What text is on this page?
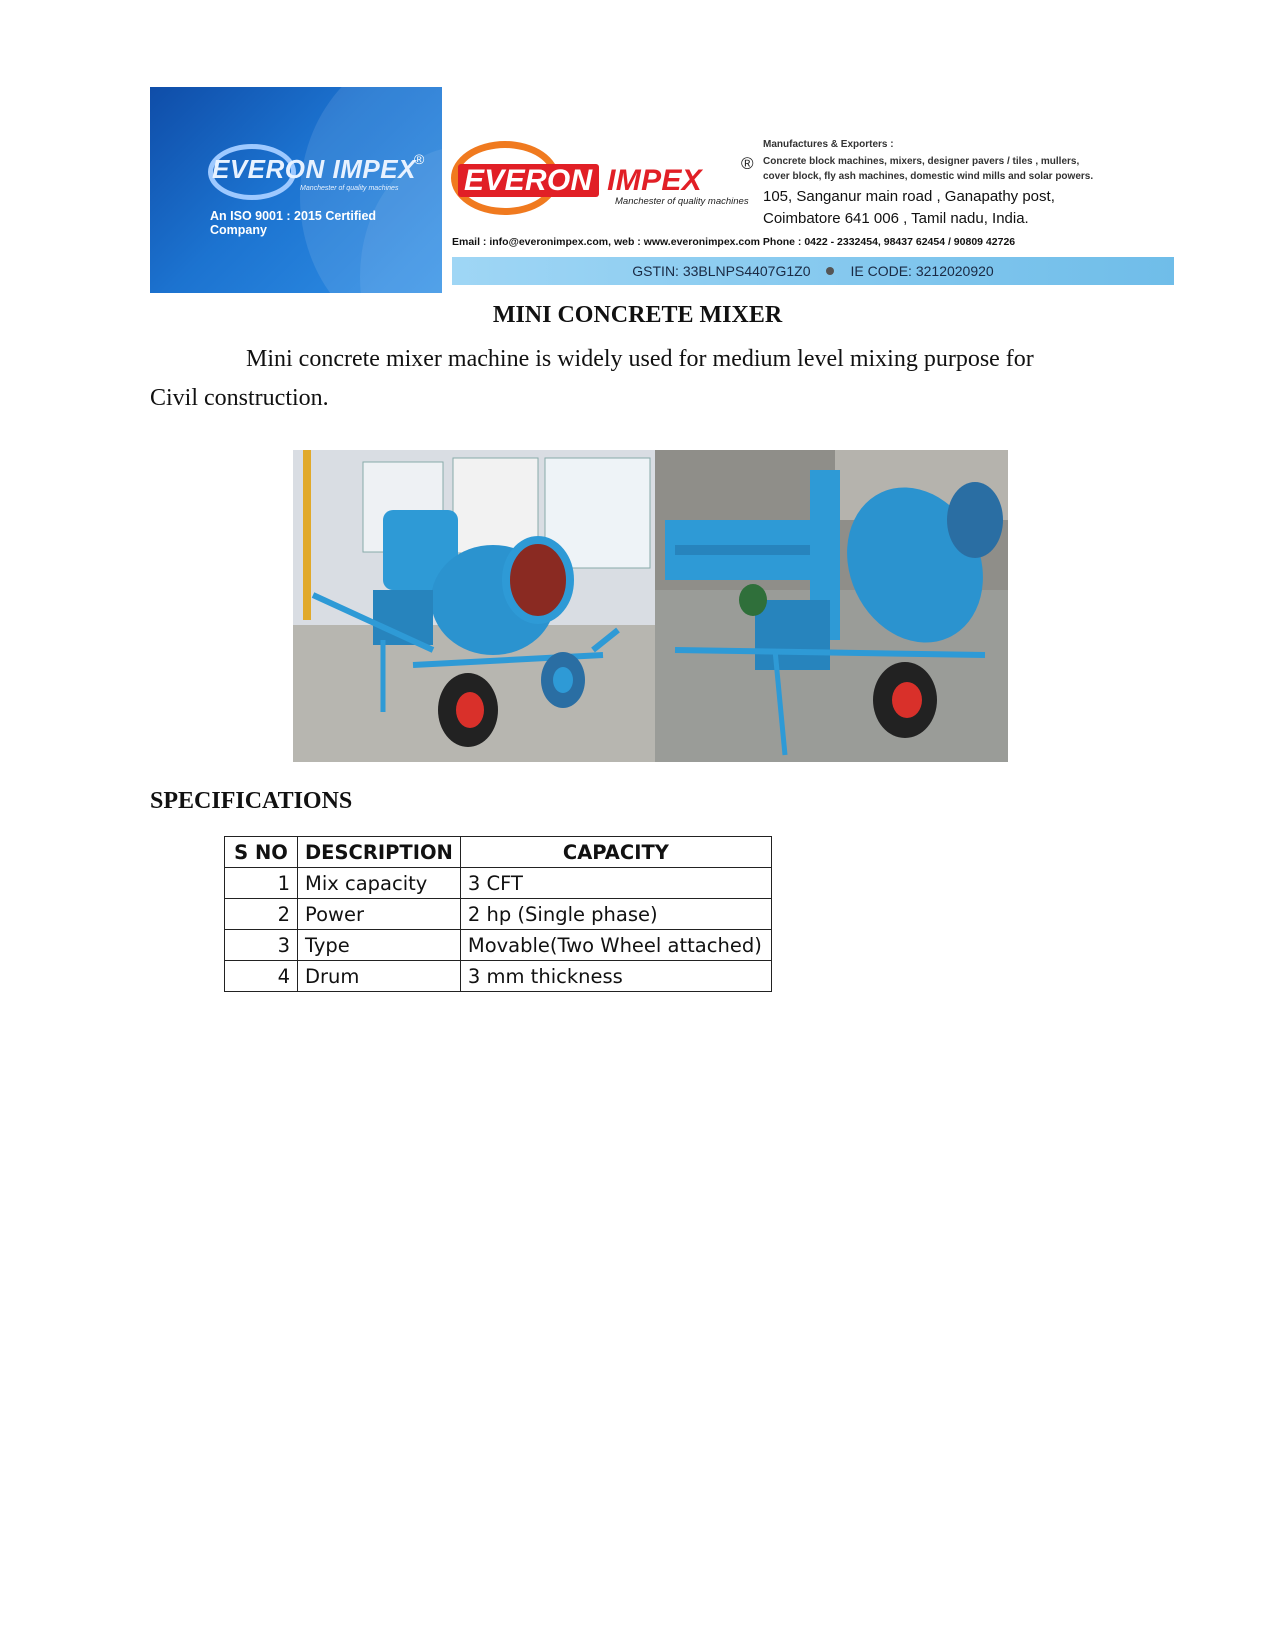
EVERON IMPEX
®
Manchester of quality machines
An ISO 9001 : 2015 Certified Company
EVERON IMPEX
®
Manchester of quality machines
Manufactures & Exporters :
Concrete block machines, mixers, designer pavers / tiles , mullers,
cover block, fly ash machines, domestic wind mills and solar powers.
105, Sanganur main road , Ganapathy post,
Coimbatore 641 006 , Tamil nadu, India.
Email : info@everonimpex.com, web : www.everonimpex.com Phone : 0422 - 2332454, 98437 62454 / 90809 42726
GSTIN: 33BLNPS4407G1Z0	IE CODE: 3212020920
MINI CONCRETE MIXER
Mini concrete mixer machine is widely used for medium level mixing purpose for Civil construction.
SPECIFICATIONS
S NO	DESCRIPTION	CAPACITY
1	Mix capacity	3 CFT
2	Power	2 hp (Single phase)
3	Type	Movable(Two Wheel attached)
4	Drum	3 mm thickness
